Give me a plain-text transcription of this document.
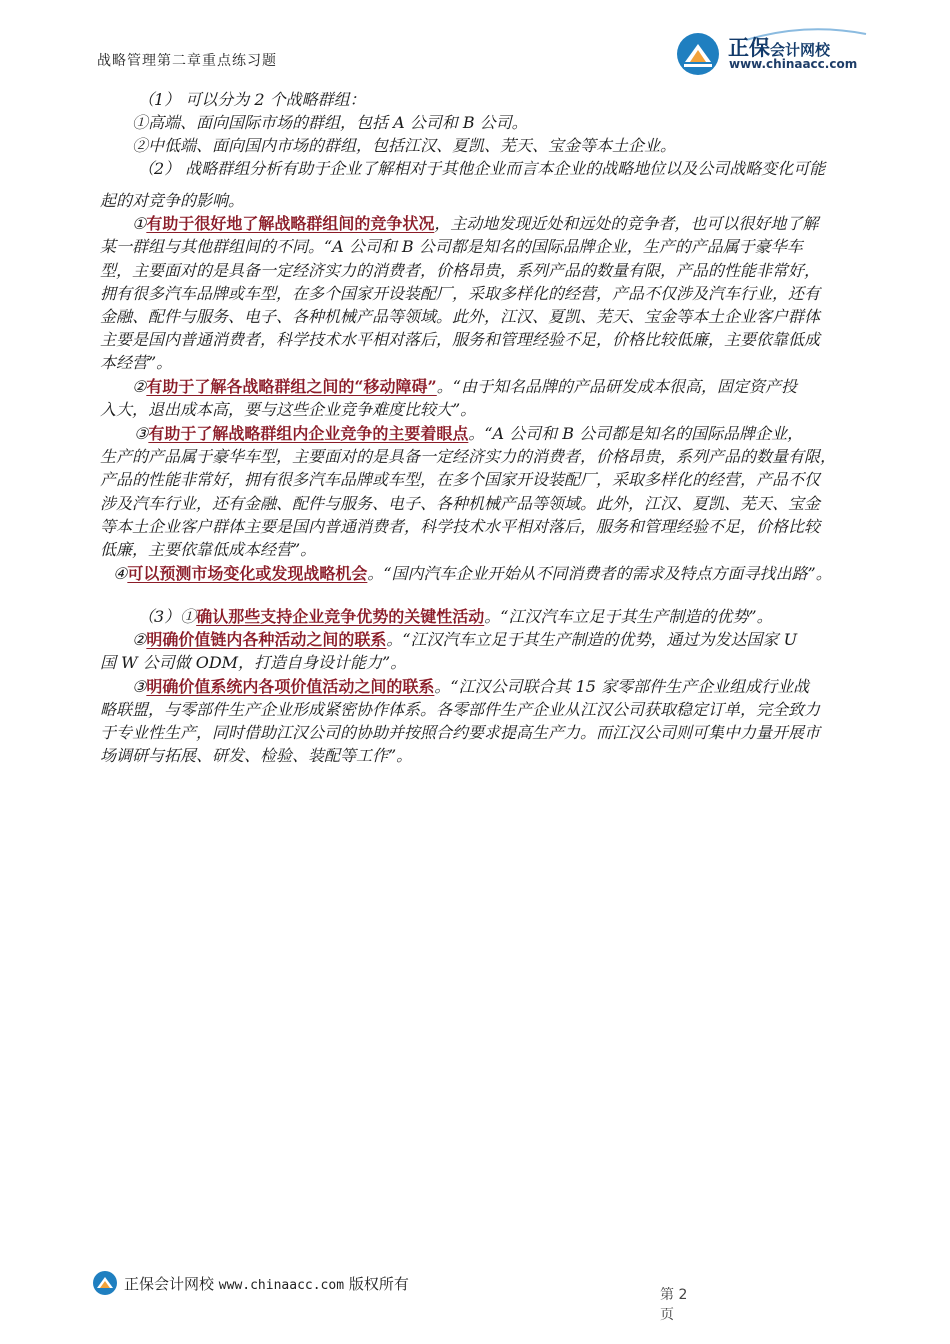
战略管理第二章重点练习题
正保会计网校
www.chinaacc.com
（1） 可以分为 2 个战略群组：
①高端、面向国际市场的群组，包括 A 公司和 B 公司。
②中低端、面向国内市场的群组，包括江汉、夏凯、芜天、宝金等本土企业。
（2） 战略群组分析有助于企业了解相对于其他企业而言本企业的战略地位以及公司战略变化可能
起的对竞争的影响。
①有助于很好地了解战略群组间的竞争状况，主动地发现近处和远处的竞争者，也可以很好地了解
某一群组与其他群组间的不同。“A 公司和 B 公司都是知名的国际品牌企业，生产的产品属于豪华车
型，主要面对的是具备一定经济实力的消费者，价格昂贵，系列产品的数量有限，产品的性能非常好，
拥有很多汽车品牌或车型，在多个国家开设装配厂，采取多样化的经营，产品不仅涉及汽车行业，还有
金融、配件与服务、电子、各种机械产品等领域。此外，江汉、夏凯、芜天、宝金等本土企业客户群体
主要是国内普通消费者，科学技术水平相对落后，服务和管理经验不足，价格比较低廉，主要依靠低成
本经营”。
②有助于了解各战略群组之间的“移动障碍”。“由于知名品牌的产品研发成本很高，固定资产投
入大，退出成本高，要与这些企业竞争难度比较大”。
③有助于了解战略群组内企业竞争的主要着眼点。“A 公司和 B 公司都是知名的国际品牌企业，
生产的产品属于豪华车型，主要面对的是具备一定经济实力的消费者，价格昂贵，系列产品的数量有限，
产品的性能非常好，拥有很多汽车品牌或车型，在多个国家开设装配厂，采取多样化的经营，产品不仅
涉及汽车行业，还有金融、配件与服务、电子、各种机械产品等领域。此外，江汉、夏凯、芜天、宝金
等本土企业客户群体主要是国内普通消费者，科学技术水平相对落后，服务和管理经验不足，价格比较
低廉，主要依靠低成本经营”。
④可以预测市场变化或发现战略机会。“国内汽车企业开始从不同消费者的需求及特点方面寻找出路”。
（3）①确认那些支持企业竞争优势的关键性活动。“江汉汽车立足于其生产制造的优势”。
②明确价值链内各种活动之间的联系。“江汉汽车立足于其生产制造的优势，通过为发达国家 U
国 W 公司做 ODM，打造自身设计能力”。
③明确价值系统内各项价值活动之间的联系。“江汉公司联合其 15 家零部件生产企业组成行业战
略联盟，与零部件生产企业形成紧密协作体系。各零部件生产企业从江汉公司获取稳定订单，完全致力
于专业性生产，同时借助江汉公司的协助并按照合约要求提高生产力。而江汉公司则可集中力量开展市
场调研与拓展、研发、检验、装配等工作”。
正保会计网校 www.chinaacc.com 版权所有
第 2 页
